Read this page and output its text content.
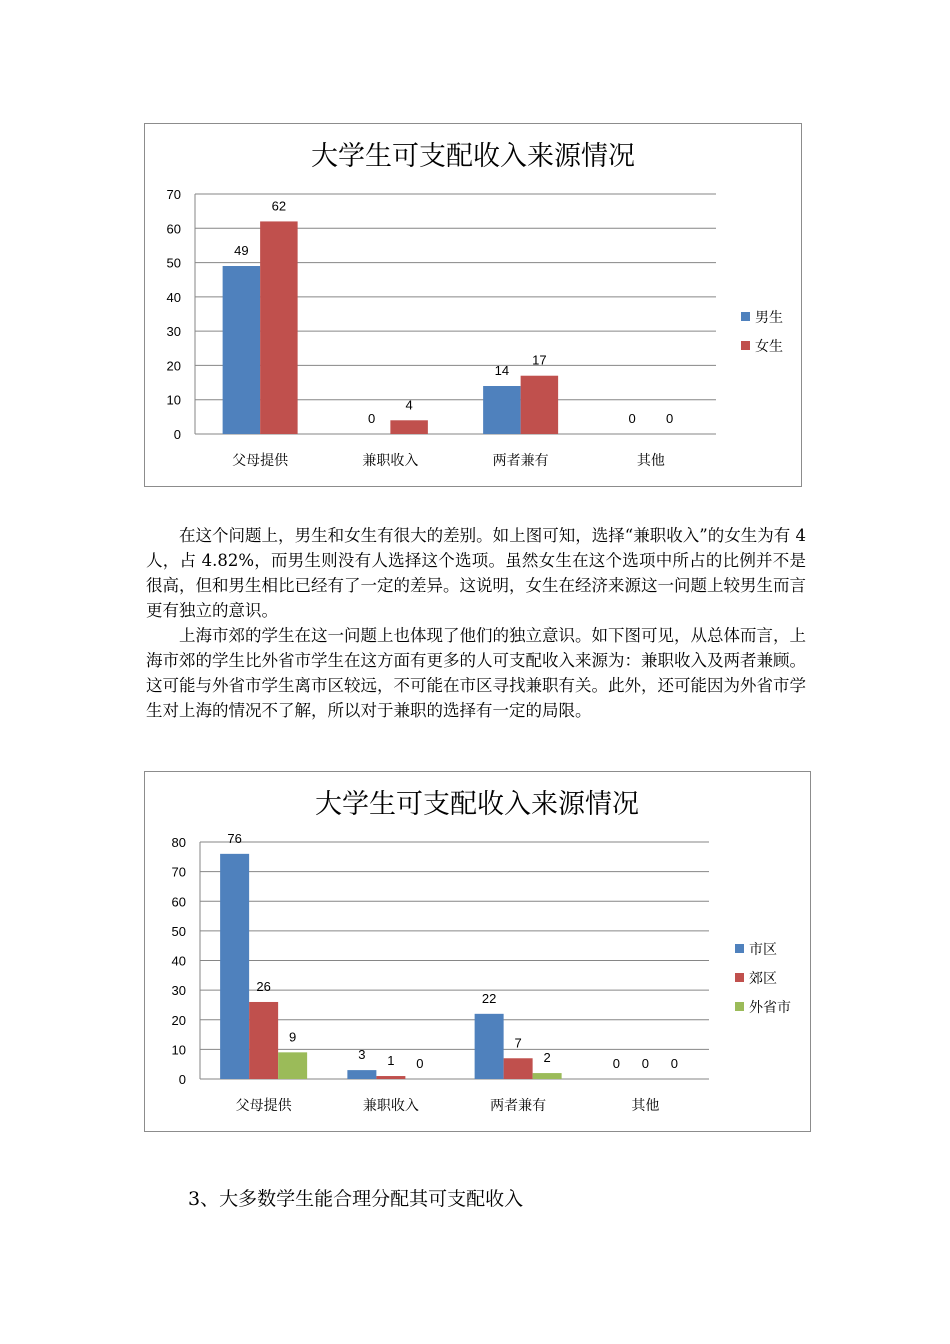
大学生可支配收入来源情况
0
10
20
30
40
50
60
70
父母提供
49
62
兼职收入
0
4
两者兼有
14
17
其他
0 0
男生
女生

在这个问题上，男生和女生有很大的差别。如上图可知，选择“兼职收入”的女生为有 4 人，占 4.82%，而男生则没有人选择这个选项。虽然女生在这个选项中所占的比例并不是很高，但和男生相比已经有了一定的差异。这说明，女生在经济来源这一问题上较男生而言更有独立的意识。

上海市郊的学生在这一问题上也体现了他们的独立意识。如下图可见，从总体而言，上海市郊的学生比外省市学生在这方面有更多的人可支配收入来源为：兼职收入及两者兼顾。这可能与外省市学生离市区较远，不可能在市区寻找兼职有关。此外，还可能因为外省市学生对上海的情况不了解，所以对于兼职的选择有一定的局限。

大学生可支配收入来源情况
0
10
20
30
40
50
60
70
80
父母提供
76
26
9
兼职收入
3 1 0
两者兼有
22
7
2
其他
0 0 0
市区
郊区
外省市
3、大多数学生能合理分配其可支配收入
